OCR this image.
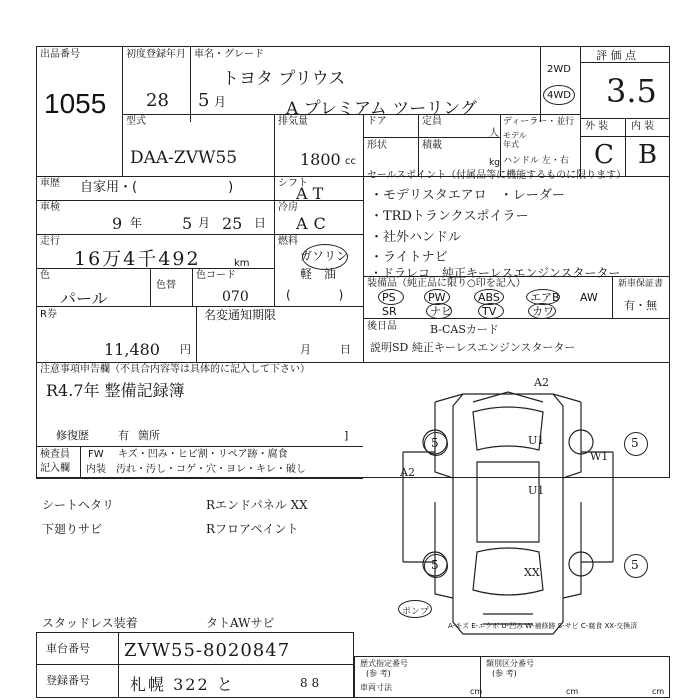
出品番号
1055
初度登録年月
28 5 月
車名・グレード
トヨタ プリウス
A プレミアム ツーリング
2WD
4WD
評 価 点
3.5
外 装 内 装
C B
型式
DAA-ZVW55
排気量
1800 cc
ドア	定員
人
形状	積載
kg
ディーラー・並行
モデル年式
ハンドル 左・右
車歴 自家用・(　　　　　　　)
車検
9 年 5 月 25 日
走行
16万4千492	km
色
パール
色替
色コード
070
シフト
AT
冷房
AC
燃料
ガソリン
軽　油
(　　　　)
R券
11,480 円
名変通知期限
月	日
注意事項申告欄（不具合内容等は具体的に記入して下さい）
R4.7年 整備記録簿
修復歴	有 箇所	]
検査員
記入欄
FW キズ・凹み・ヒビ割・リペア跡・腐食
内装 汚れ・汚し・コゲ・穴・ヨレ・キレ・破し
セールスポイント（付属品等に機能するものに限ります）
・モデリスタエアロ　・レーダー
・TRDトランクスポイラー
・社外ハンドル
・ライトナビ
・ドラレコ　純正キーレスエンジンスターター
装備品（純正品に限り○印を記入）	新車保証書
有・無
PS	PW	ABS	エアB AW
SR	ナビ	TV	カワ
後日品	B-CASカード
説明SD 純正キーレスエンジンスターター
A2
A2
U1
W1
U1
XX
5	5
5	5
ポンプ
A-キズ E-エクボ U-凹み W-補修跡 S-サビ C-腐食 XX-交換済
シートヘタリ	Rエンドパネル XX
下廻りサビ	Rフロアペイント
スタッドレス装着	タトAWサビ
車台番号 ZVW55-8020847
登録番号	札幌 322 と	8 8
歴式指定番号
(参 考)
類別区分番号
(参 考)
車両寸法	cm	cm	cm
